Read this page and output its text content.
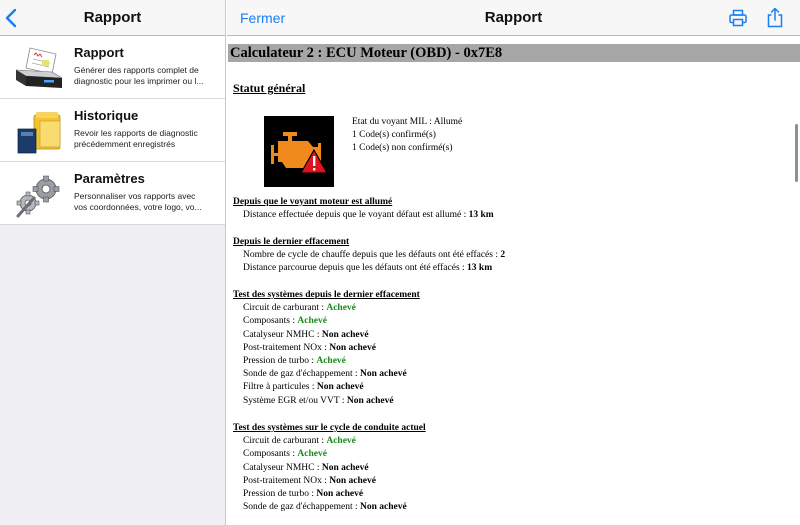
Rapport
Rapport
Générer des rapports complet de
diagnostic pour les imprimer ou l...
Historique
Revoir les rapports de diagnostic
précédemment enregistrés
Paramètres
Personnaliser vos rapports avec
vos coordonnées, votre logo, vo...
Fermer	Rapport
Calculateur 2 : ECU Moteur (OBD) - 0x7E8
Statut général
Etat du voyant MIL : Allumé
1 Code(s) confirmé(s)
1 Code(s) non confirmé(s)
Depuis que le voyant moteur est allumé
Distance effectuée depuis que le voyant défaut est allumé : 13 km
Depuis le dernier effacement
Nombre de cycle de chauffe depuis que les défauts ont été effacés : 2
Distance parcourue depuis que les défauts ont été effacés : 13 km
Test des systèmes depuis le dernier effacement
Circuit de carburant : Achevé
Composants : Achevé
Catalyseur NMHC : Non achevé
Post-traitement NOx : Non achevé
Pression de turbo : Achevé
Sonde de gaz d'échappement : Non achevé
Filtre à particules : Non achevé
Système EGR et/ou VVT : Non achevé
Test des systèmes sur le cycle de conduite actuel
Circuit de carburant : Achevé
Composants : Achevé
Catalyseur NMHC : Non achevé
Post-traitement NOx : Non achevé
Pression de turbo : Non achevé
Sonde de gaz d'échappement : Non achevé
